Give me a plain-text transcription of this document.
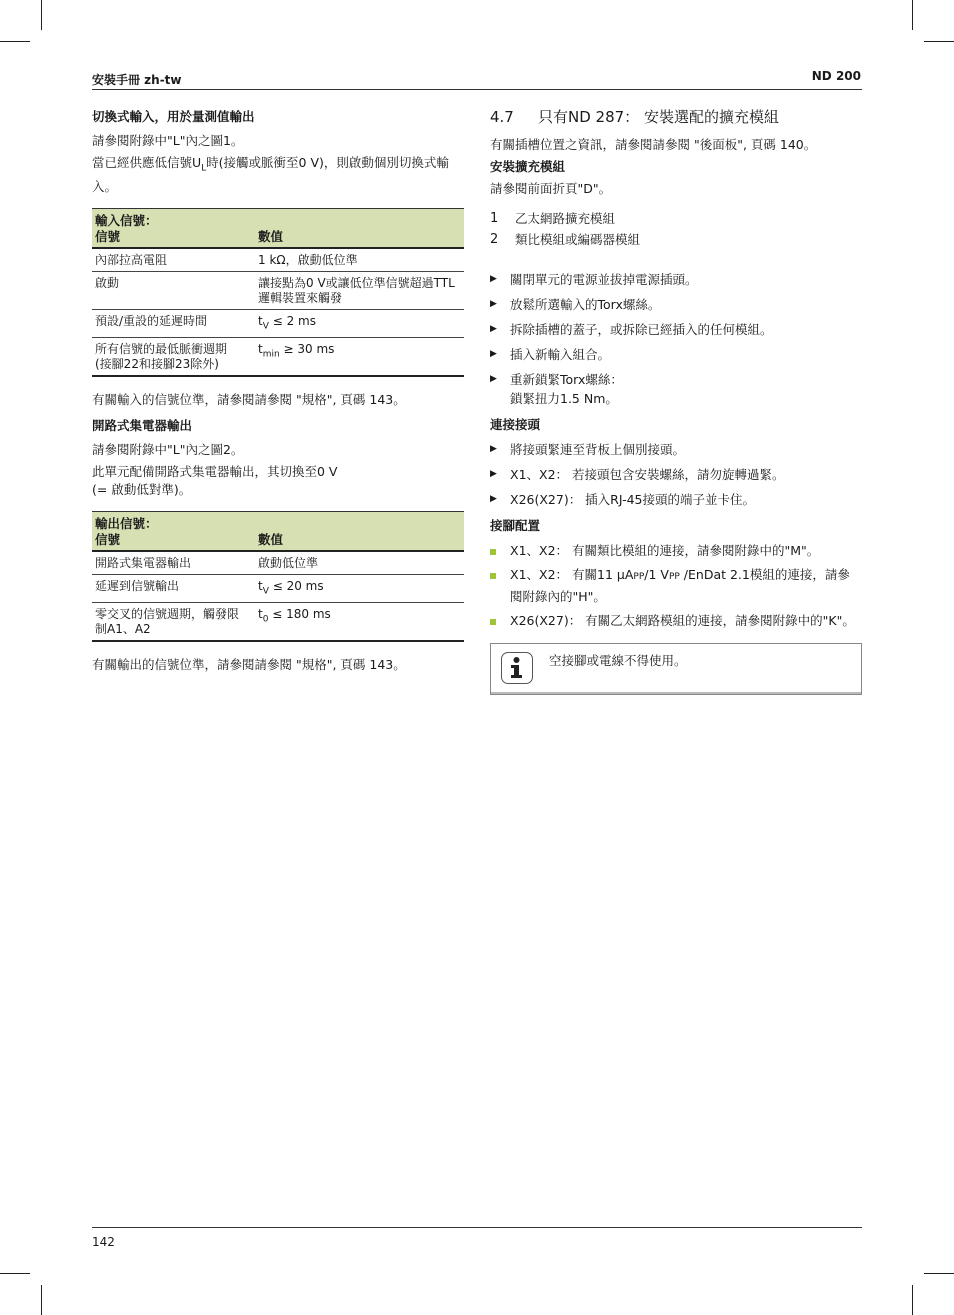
安裝手冊 zh-tw	ND 200
切換式輸入，用於量測值輸出
請參閱附錄中"L"內之圖1。
當已經供應低信號$U_L$時(接觸或脈衝至0 V)，則啟動個別切換式輸入。
輸入信號：
信號	數值
內部拉高電阻	1 kΩ，啟動低位準
啟動	讓接點為0 V或讓低位準信號超過TTL邏輯裝置來觸發
預設/重設的延遲時間	$t_V \le 2$ ms
所有信號的最低脈衝週期(接腳22和接腳23除外)	$t_{min} \ge 30$ ms
有關輸入的信號位準，請參閱請參閱 "規格", 頁碼 143。
開路式集電器輸出
請參閱附錄中"L"內之圖2。
此單元配備開路式集電器輸出，其切換至0 V
(= 啟動低對準)。
輸出信號：
信號	數值
開路式集電器輸出	啟動低位準
延遲到信號輸出	$t_V \le 20$ ms
零交叉的信號週期，觸發限制A1、A2	$t_0 \le 180$ ms
有關輸出的信號位準，請參閱請參閱 "規格", 頁碼 143。
4.7 只有ND 287： 安裝選配的擴充模組
有關插槽位置之資訊，請參閱請參閱 "後面板", 頁碼 140。
安裝擴充模組
請參閱前面折頁"D"。
1	乙太網路擴充模組
2	類比模組或編碼器模組
▶	關閉單元的電源並拔掉電源插頭。
▶	放鬆所選輸入的Torx螺絲。
▶	拆除插槽的蓋子，或拆除已經插入的任何模組。
▶	插入新輸入組合。
▶	重新鎖緊Torx螺絲：
鎖緊扭力1.5 Nm。
連接接頭
▶	將接頭緊連至背板上個別接頭。
▶	X1、X2： 若接頭包含安裝螺絲，請勿旋轉過緊。
▶	X26(X27)： 插入RJ-45接頭的端子並卡住。
接腳配置
X1、X2： 有關類比模組的連接，請參閱附錄中的"M"。
X1、X2： 有關11 µAPP/1 VPP /EnDat 2.1模組的連接，請參閱附錄內的"H"。
X26(X27)： 有關乙太網路模組的連接，請參閱附錄中的"K"。
空接腳或電線不得使用。
142
